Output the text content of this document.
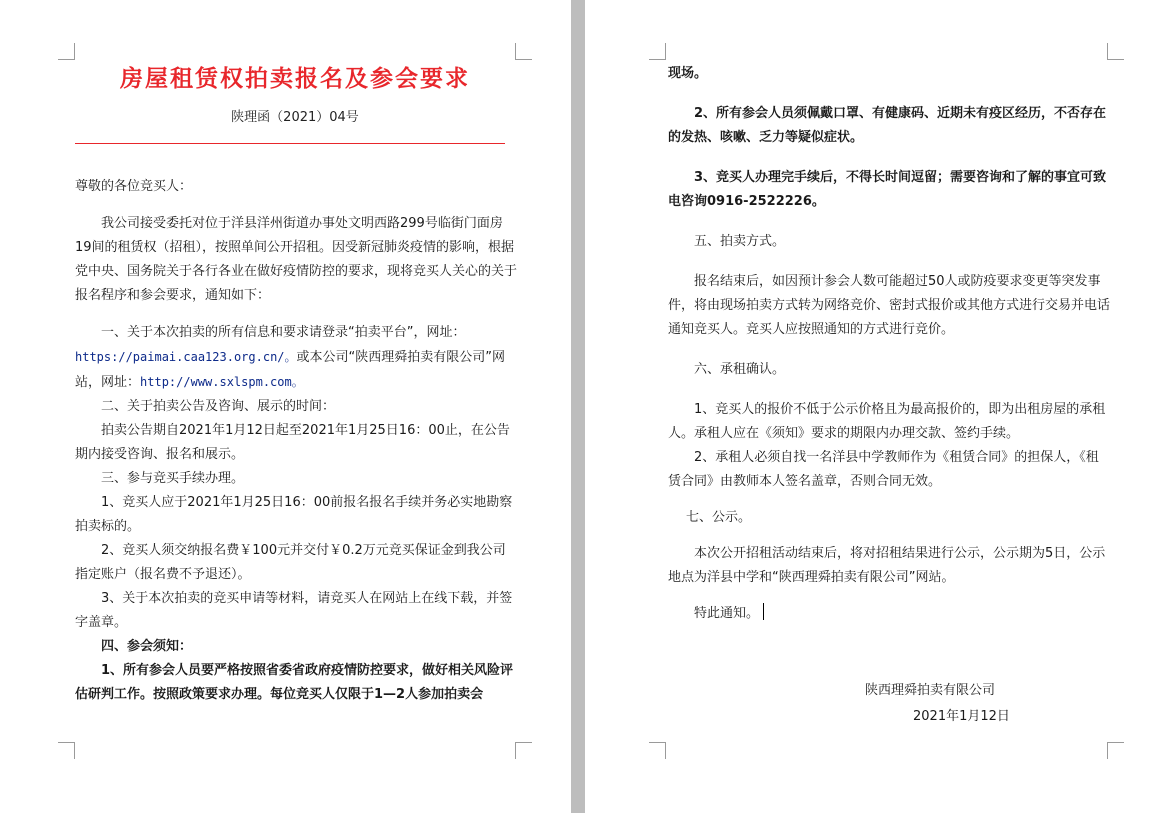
房屋租赁权拍卖报名及参会要求
陕理函（2021）04号

尊敬的各位竞买人：

我公司接受委托对位于洋县洋州街道办事处文明西路299号临街门面房19间的租赁权（招租），按照单间公开招租。因受新冠肺炎疫情的影响，根据党中央、国务院关于各行各业在做好疫情防控的要求，现将竞买人关心的关于报名程序和参会要求，通知如下：

一、关于本次拍卖的所有信息和要求请登录“拍卖平台”，网址：https://paimai.caa123.org.cn/。或本公司“陕西理舜拍卖有限公司”网站，网址：http://www.sxlspm.com。

二、关于拍卖公告及咨询、展示的时间：

拍卖公告期自2021年1月12日起至2021年1月25日16：00止，在公告期内接受咨询、报名和展示。

三、参与竞买手续办理。

1、竞买人应于2021年1月25日16：00前报名报名手续并务必实地勘察拍卖标的。

2、竞买人须交纳报名费￥100元并交付￥0.2万元竞买保证金到我公司指定账户（报名费不予退还）。

3、关于本次拍卖的竞买申请等材料，请竞买人在网站上在线下载，并签字盖章。

四、参会须知：

1、所有参会人员要严格按照省委省政府疫情防控要求，做好相关风险评估研判工作。按照政策要求办理。每位竞买人仅限于1—2人参加拍卖会

现场。

2、所有参会人员须佩戴口罩、有健康码、近期未有疫区经历，不否存在的发热、咳嗽、乏力等疑似症状。

3、竞买人办理完手续后，不得长时间逗留；需要咨询和了解的事宜可致电咨询0916-2522226。

五、拍卖方式。

报名结束后，如因预计参会人数可能超过50人或防疫要求变更等突发事件，将由现场拍卖方式转为网络竞价、密封式报价或其他方式进行交易并电话通知竞买人。竞买人应按照通知的方式进行竞价。

六、承租确认。

1、竞买人的报价不低于公示价格且为最高报价的，即为出租房屋的承租人。承租人应在《须知》要求的期限内办理交款、签约手续。

2、承租人必须自找一名洋县中学教师作为《租赁合同》的担保人，《租赁合同》由教师本人签名盖章，否则合同无效。

七、公示。

本次公开招租活动结束后，将对招租结果进行公示，公示期为5日，公示地点为洋县中学和“陕西理舜拍卖有限公司”网站。

特此通知。

陕西理舜拍卖有限公司
2021年1月12日
